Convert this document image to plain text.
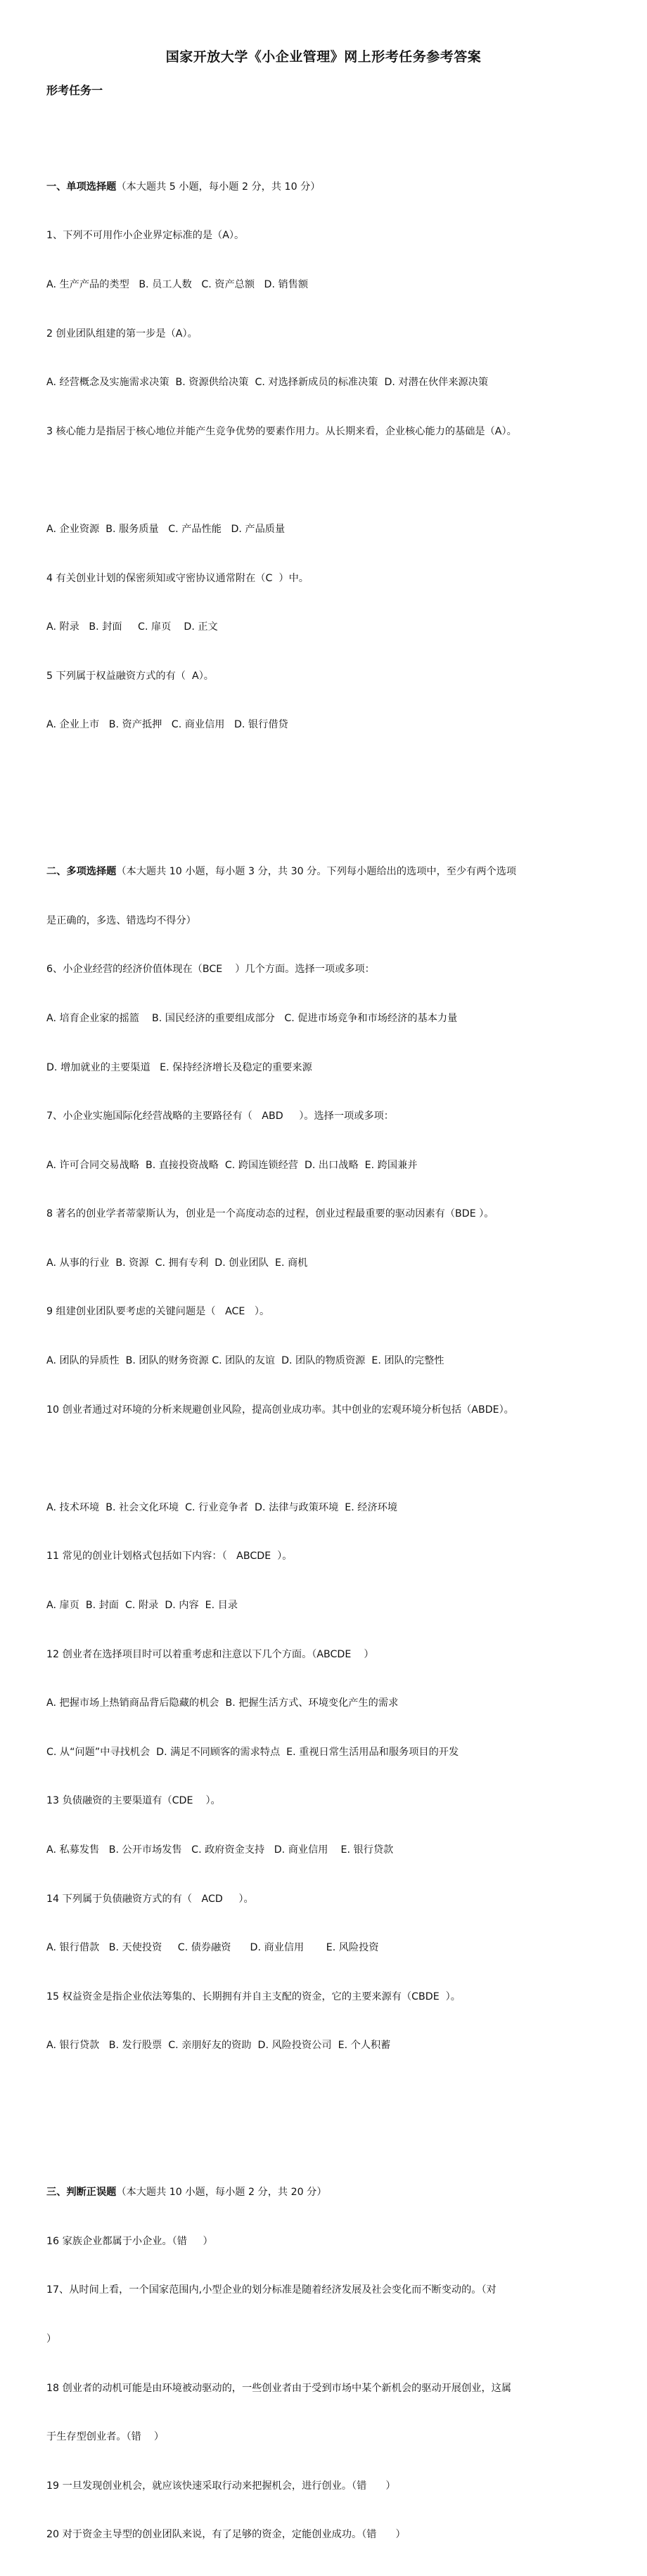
国家开放大学《小企业管理》网上形考任务参考答案
形考任务一

一、单项选择题（本大题共 5 小题，每小题 2 分，共 10 分）

1、下列不可用作小企业界定标准的是（A）。

A. 生产产品的类型   B. 员工人数   C. 资产总额   D. 销售额

2 创业团队组建的第一步是（A）。

A. 经营概念及实施需求决策  B. 资源供给决策  C. 对选择新成员的标准决策  D. 对潜在伙伴来源决策

3 核心能力是指居于核心地位并能产生竞争优势的要素作用力。从长期来看，企业核心能力的基础是（A）。

A. 企业资源  B. 服务质量   C. 产品性能   D. 产品质量

4 有关创业计划的保密须知或守密协议通常附在（C  ）中。

A. 附录   B. 封面     C. 扉页    D. 正文

5 下列属于权益融资方式的有（  A）。

A. 企业上市   B. 资产抵押   C. 商业信用   D. 银行借贷

二、多项选择题（本大题共 10 小题，每小题 3 分，共 30 分。下列每小题给出的选项中，至少有两个选项

是正确的，多选、错选均不得分）

6、小企业经营的经济价值体现在（BCE    ）几个方面。选择一项或多项：

A. 培育企业家的摇篮    B. 国民经济的重要组成部分   C. 促进市场竞争和市场经济的基本力量

D. 增加就业的主要渠道   E. 保持经济增长及稳定的重要来源

7、小企业实施国际化经营战略的主要路径有（   ABD     ）。选择一项或多项：

A. 许可合同交易战略  B. 直接投资战略  C. 跨国连锁经营  D. 出口战略  E. 跨国兼并

8 著名的创业学者蒂蒙斯认为，创业是一个高度动态的过程，创业过程最重要的驱动因素有（BDE ）。

A. 从事的行业  B. 资源  C. 拥有专利  D. 创业团队  E. 商机

9 组建创业团队要考虑的关键问题是（   ACE   ）。

A. 团队的异质性  B. 团队的财务资源 C. 团队的友谊  D. 团队的物质资源  E. 团队的完整性

10 创业者通过对环境的分析来规避创业风险，提高创业成功率。其中创业的宏观环境分析包括（ABDE）。

A. 技术环境  B. 社会文化环境  C. 行业竞争者  D. 法律与政策环境  E. 经济环境

11 常见的创业计划格式包括如下内容：（   ABCDE  ）。

A. 扉页  B. 封面  C. 附录  D. 内容  E. 目录

12 创业者在选择项目时可以着重考虑和注意以下几个方面。（ABCDE    ）

A. 把握市场上热销商品背后隐藏的机会  B. 把握生活方式、环境变化产生的需求

C. 从“问题”中寻找机会  D. 满足不同顾客的需求特点  E. 重视日常生活用品和服务项目的开发

13 负债融资的主要渠道有（CDE    ）。

A. 私募发售   B. 公开市场发售   C. 政府资金支持   D. 商业信用    E. 银行贷款

14 下列属于负债融资方式的有（   ACD     ）。

A. 银行借款   B. 天使投资     C. 债券融资      D. 商业信用       E. 风险投资

15 权益资金是指企业依法筹集的、长期拥有并自主支配的资金，它的主要来源有（CBDE  ）。

A. 银行贷款   B. 发行股票  C. 亲朋好友的资助  D. 风险投资公司  E. 个人积蓄

三、判断正误题（本大题共 10 小题，每小题 2 分，共 20 分）

16 家族企业都属于小企业。（错     ）

17、从时间上看，一个国家范围内,小型企业的划分标准是随着经济发展及社会变化而不断变动的。（对

）

18 创业者的动机可能是由环境被动驱动的，一些创业者由于受到市场中某个新机会的驱动开展创业，这属

于生存型创业者。（错    ）

19 一旦发现创业机会，就应该快速采取行动来把握机会，进行创业。（错      ）

20 对于资金主导型的创业团队来说，有了足够的资金，定能创业成功。（错      ）
